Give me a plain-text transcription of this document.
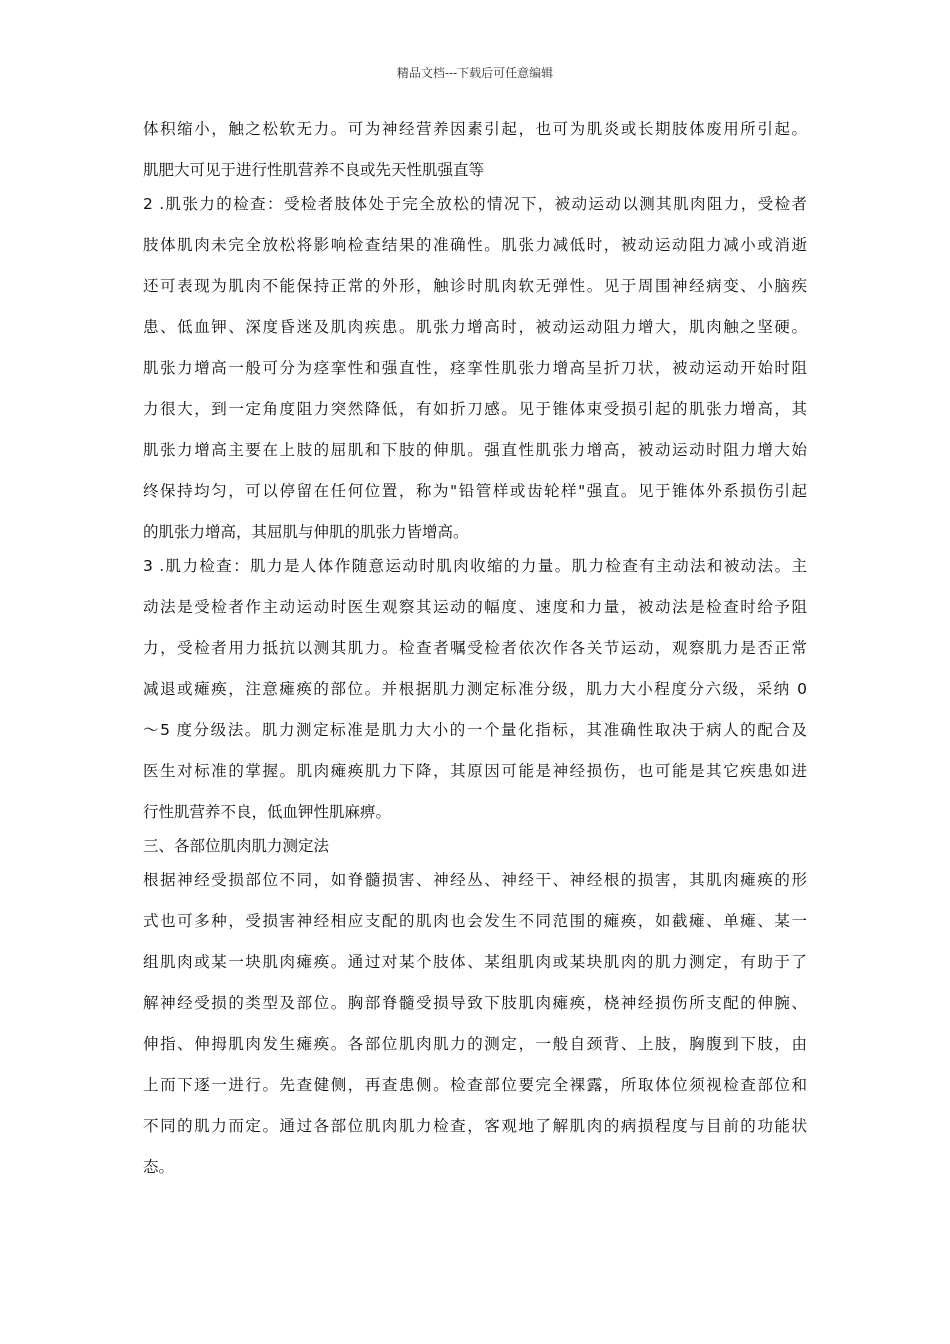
精品文档---下载后可任意编辑
体积缩小，触之松软无力。可为神经营养因素引起，也可为肌炎或长期肢体废用所引起。
肌肥大可见于进行性肌营养不良或先天性肌强直等
2 .肌张力的检查：受检者肢体处于完全放松的情况下，被动运动以测其肌肉阻力，受检者
肢体肌肉未完全放松将影响检查结果的准确性。肌张力减低时，被动运动阻力减小或消逝
还可表现为肌肉不能保持正常的外形，触诊时肌肉软无弹性。见于周围神经病变、小脑疾
患、低血钾、深度昏迷及肌肉疾患。肌张力增高时，被动运动阻力增大，肌肉触之坚硬。
肌张力增高一般可分为痉挛性和强直性，痉挛性肌张力增高呈折刀状，被动运动开始时阻
力很大，到一定角度阻力突然降低，有如折刀感。见于锥体束受损引起的肌张力增高，其
肌张力增高主要在上肢的屈肌和下肢的伸肌。强直性肌张力增高，被动运动时阻力增大始
终保持均匀，可以停留在任何位置，称为"铅管样或齿轮样"强直。见于锥体外系损伤引起
的肌张力增高，其屈肌与伸肌的肌张力皆增高。
3 .肌力检查：肌力是人体作随意运动时肌肉收缩的力量。肌力检查有主动法和被动法。主
动法是受检者作主动运动时医生观察其运动的幅度、速度和力量，被动法是检查时给予阻
力，受检者用力抵抗以测其肌力。检查者嘱受检者依次作各关节运动，观察肌力是否正常
减退或瘫痪，注意瘫痪的部位。并根据肌力测定标准分级，肌力大小程度分六级，采纳 0
～5 度分级法。肌力测定标准是肌力大小的一个量化指标，其准确性取决于病人的配合及
医生对标准的掌握。肌肉瘫痪肌力下降，其原因可能是神经损伤，也可能是其它疾患如进
行性肌营养不良，低血钾性肌麻痹。
三、各部位肌肉肌力测定法
根据神经受损部位不同，如脊髓损害、神经丛、神经干、神经根的损害，其肌肉瘫痪的形
式也可多种，受损害神经相应支配的肌肉也会发生不同范围的瘫痪，如截瘫、单瘫、某一
组肌肉或某一块肌肉瘫痪。通过对某个肢体、某组肌肉或某块肌肉的肌力测定，有助于了
解神经受损的类型及部位。胸部脊髓受损导致下肢肌肉瘫痪，桡神经损伤所支配的伸腕、
伸指、伸拇肌肉发生瘫痪。各部位肌肉肌力的测定，一般自颈背、上肢，胸腹到下肢，由
上而下逐一进行。先查健侧，再查患侧。检查部位要完全裸露，所取体位须视检查部位和
不同的肌力而定。通过各部位肌肉肌力检查，客观地了解肌肉的病损程度与目前的功能状
态。
